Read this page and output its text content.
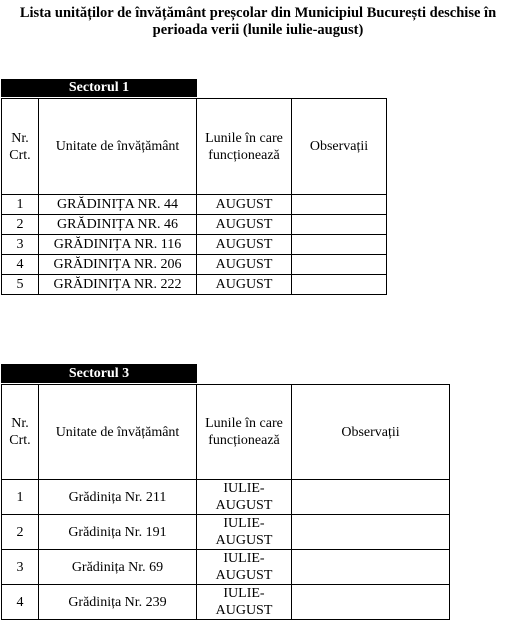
Lista unităților de învățământ preșcolar din Municipiul București deschise în
perioada verii (lunile iulie-august)
Sectorul 1
Nr. Crt.	Unitate de învățământ	Lunile în care funcționează	Observații
1	GRĂDINIȚA NR. 44	AUGUST	
2	GRĂDINIȚA NR. 46	AUGUST	
3	GRĂDINIȚA NR. 116	AUGUST	
4	GRĂDINIȚA NR. 206	AUGUST	
5	GRĂDINIȚA NR. 222	AUGUST	
Sectorul 3
Nr. Crt.	Unitate de învățământ	Lunile în care funcționează	Observații
1	Grădinița Nr. 211	IULIE-AUGUST	
2	Grădinița Nr. 191	IULIE-AUGUST	
3	Grădinița Nr. 69	IULIE-AUGUST	
4	Grădinița Nr. 239	IULIE-AUGUST	
